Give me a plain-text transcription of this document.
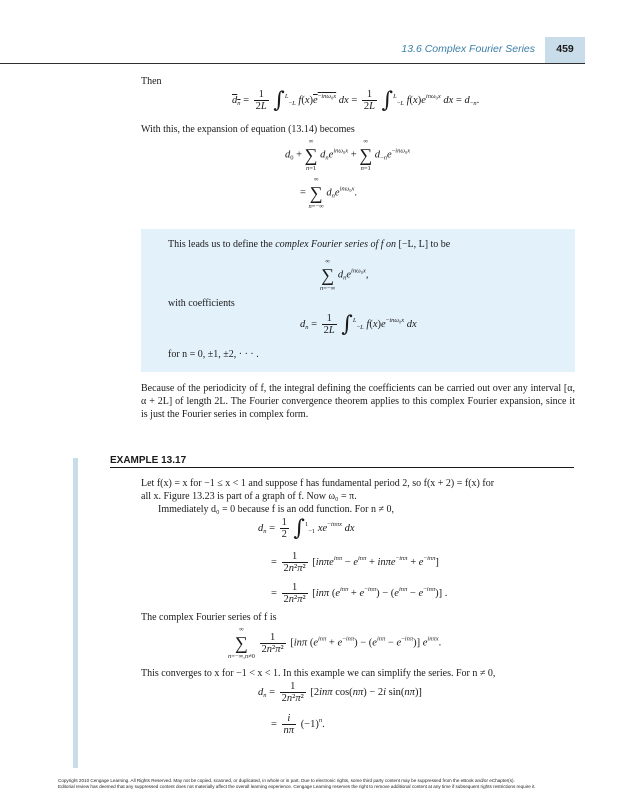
13.6 Complex Fourier Series	459
Then
$d_n = \frac{1}{2L} \int^L_{-L}$ $f(x)e^{-in\omega_0x}$ dx = $\frac{1}{2L} \int^L_{-L}$ $f(x)e^{in\omega_0x}$ dx = $d_{-n}$.
With this, the expansion of equation (13.14) becomes
$d_0$ +
∞
∑
n=1
$d_ne^{in\omega_0x}$ +
∞
∑
n=1
$d_{-n}e^{-in\omega_0x}$
=
∞
∑
n=−∞
$d_ne^{in\omega_0x}$.
This leads us to define the complex Fourier series of f on [−L, L] to be
∞
∑
n=−∞
$d_ne^{in\omega_0x}$,
with coefficients
$d_n = \frac{1}{2L} \int^L_{-L}$ $f(x)e^{-in\omega_0x}$ dx
for n = 0, ±1, ±2, · · · .
Because of the periodicity of f, the integral defining the coefficients can be carried out over any interval [α, α + 2L] of length 2L. The Fourier convergence theorem applies to this complex Fourier expansion, since it is just the Fourier series in complex form.
EXAMPLE 13.17
Let f(x) = x for −1 ≤ x < 1 and suppose f has fundamental period 2, so f(x + 2) = f(x) for
all x. Figure 13.23 is part of a graph of f. Now ω₀ = π.
Immediately d₀ = 0 because f is an odd function. For n ≠ 0,
$d_n = \frac{1}{2} \int^1_{-1}$ $xe^{-in\pi x}$ dx
= $\frac{1}{\text{2n²π²}} [in\pi e^{in\pi} - e^{in\pi} + in\pi e^{-in\pi} + e^{-in\pi}]$
= $\frac{1}{\text{2n²π²}} [in\pi$ $(e^{in\pi} + e^{-in\pi}) - (e^{in\pi} - e^{-in\pi})$] .
The complex Fourier series of f is
∞
∑
n=−∞,n≠0

$\frac{1}{\text{2n²π²}} [in\pi$ $(e^{in\pi} + e^{-in\pi}) - (e^{in\pi} - e^{-in\pi})$] $e^{in\pi x}$.
This converges to x for −1 < x < 1. In this example we can simplify the series. For n ≠ 0,
$d_n = \frac{1}{\text{2n²π²}} [2in\pi$ cos(nπ) − 2i sin(nπ)]
= $\frac{i}{n\pi} (-1)^n$.
Copyright 2010 Cengage Learning. All Rights Reserved. May not be copied, scanned, or duplicated, in whole or in part. Due to electronic rights, some third party content may be suppressed from the eBook and/or eChapter(s).
Editorial review has deemed that any suppressed content does not materially affect the overall learning experience. Cengage Learning reserves the right to remove additional content at any time if subsequent rights restrictions require it.
